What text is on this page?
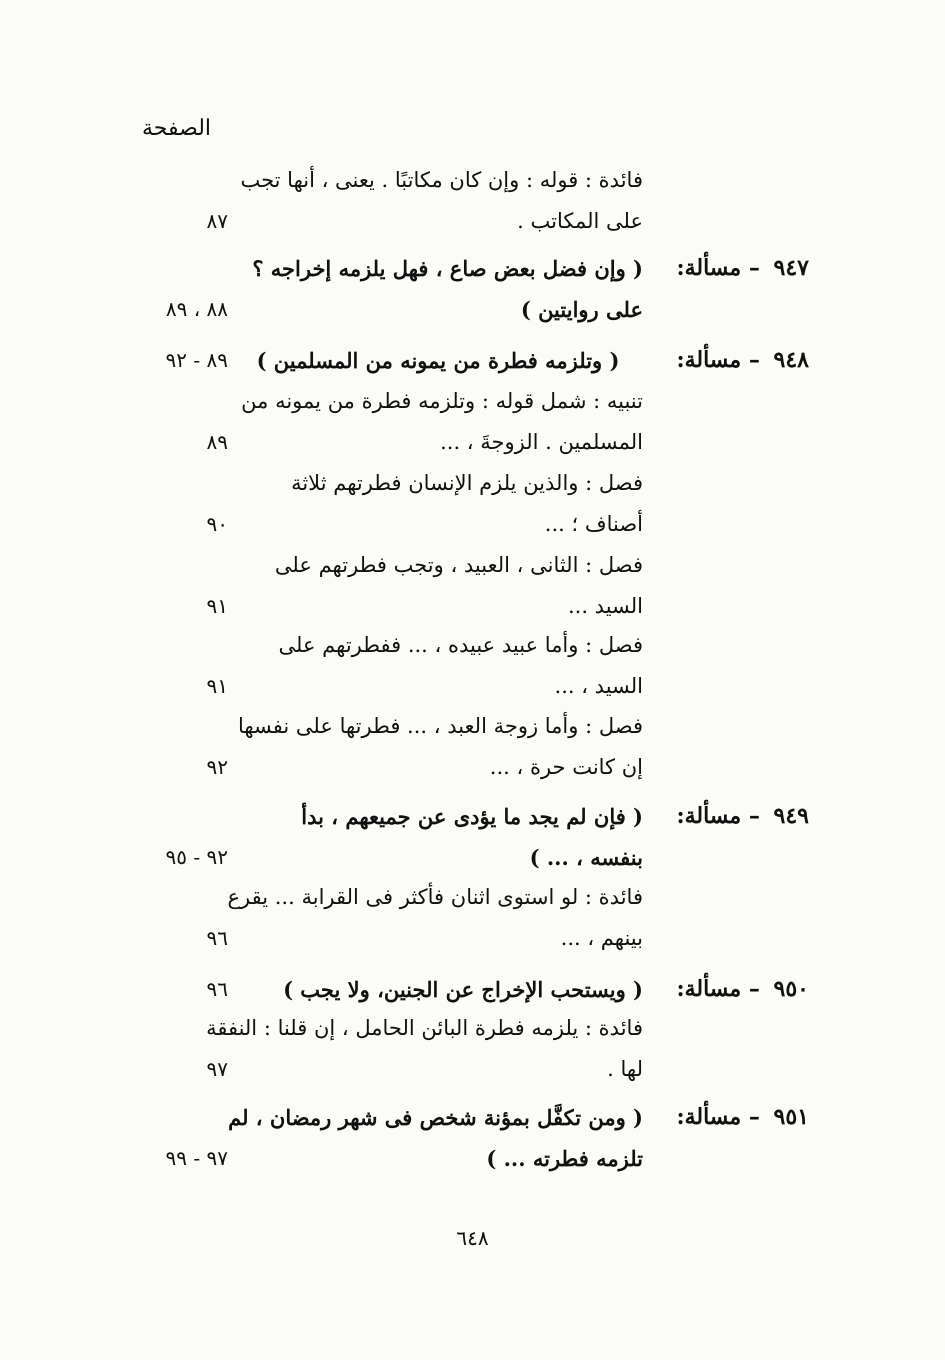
الصفحة
فائدة : قوله : وإن كان مكاتبًا . يعنى ، أنها تجب
على المكاتب .
٨٧
٩٤٧ – مسألة:
( وإن فضل بعض صاع ، فهل يلزمه إخراجه ؟
على روايتين )
٨٨ ، ٨٩
٩٤٨ – مسألة:
( وتلزمه فطرة من يمونه من المسلمين )
٨٩ - ٩٢
تنبيه : شمل قوله : وتلزمه فطرة من يمونه من
المسلمين . الزوجةَ ، ...
٨٩
فصل : والذين يلزم الإنسان فطرتهم ثلاثة
أصناف ؛ ...
٩٠
فصل : الثانى ، العبيد ، وتجب فطرتهم على
السيد ...
٩١
فصل : وأما عبيد عبيده ، ... ففطرتهم على
السيد ، ...
٩١
فصل : وأما زوجة العبد ، ... فطرتها على نفسها
إن كانت حرة ، ...
٩٢
٩٤٩ – مسألة:
( فإن لم يجد ما يؤدى عن جميعهم ، بدأ
بنفسه ، ... )
٩٢ - ٩٥
فائدة : لو استوى اثنان فأكثر فى القرابة ... يقرع
بينهم ، ...
٩٦
٩٥٠ – مسألة:
( ويستحب الإخراج عن الجنين، ولا يجب )
٩٦
فائدة : يلزمه فطرة البائن الحامل ، إن قلنا : النفقة
لها .
٩٧
٩٥١ – مسألة:
( ومن تكفَّل بمؤنة شخص فى شهر رمضان ، لم
تلزمه فطرته ... )
٩٧ - ٩٩
٦٤٨
